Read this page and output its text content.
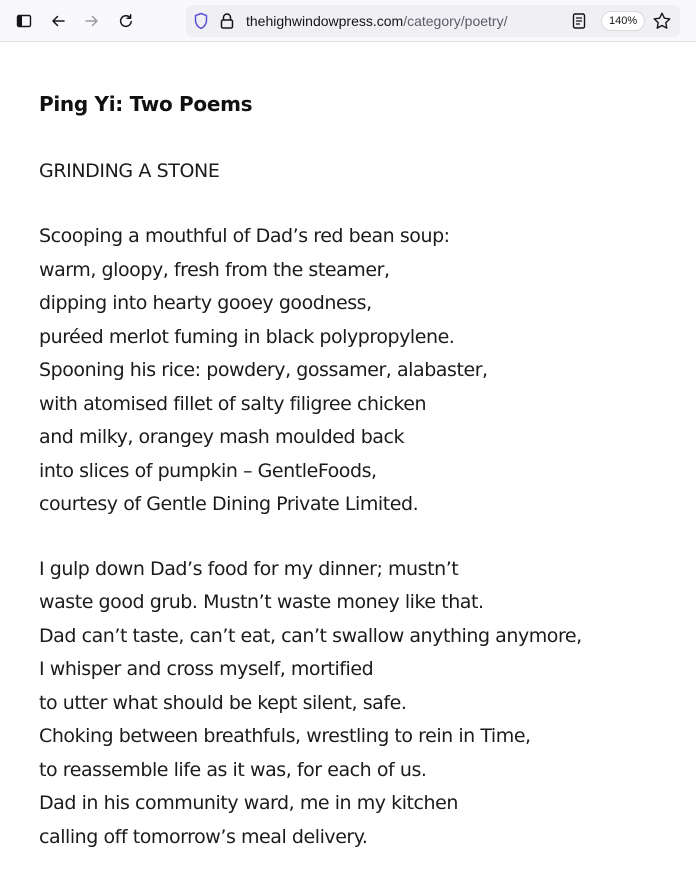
thehighwindowpress.com/category/poetry/	140%
Ping Yi: Two Poems
GRINDING A STONE
Scooping a mouthful of Dad’s red bean soup:
warm, gloopy, fresh from the steamer,
dipping into hearty gooey goodness,
puréed merlot fuming in black polypropylene.
Spooning his rice: powdery, gossamer, alabaster,
with atomised fillet of salty filigree chicken
and milky, orangey mash moulded back
into slices of pumpkin – GentleFoods,
courtesy of Gentle Dining Private Limited.
I gulp down Dad’s food for my dinner; mustn’t
waste good grub. Mustn’t waste money like that.
Dad can’t taste, can’t eat, can’t swallow anything anymore,
I whisper and cross myself, mortified
to utter what should be kept silent, safe.
Choking between breathfuls, wrestling to rein in Time,
to reassemble life as it was, for each of us.
Dad in his community ward, me in my kitchen
calling off tomorrow’s meal delivery.
